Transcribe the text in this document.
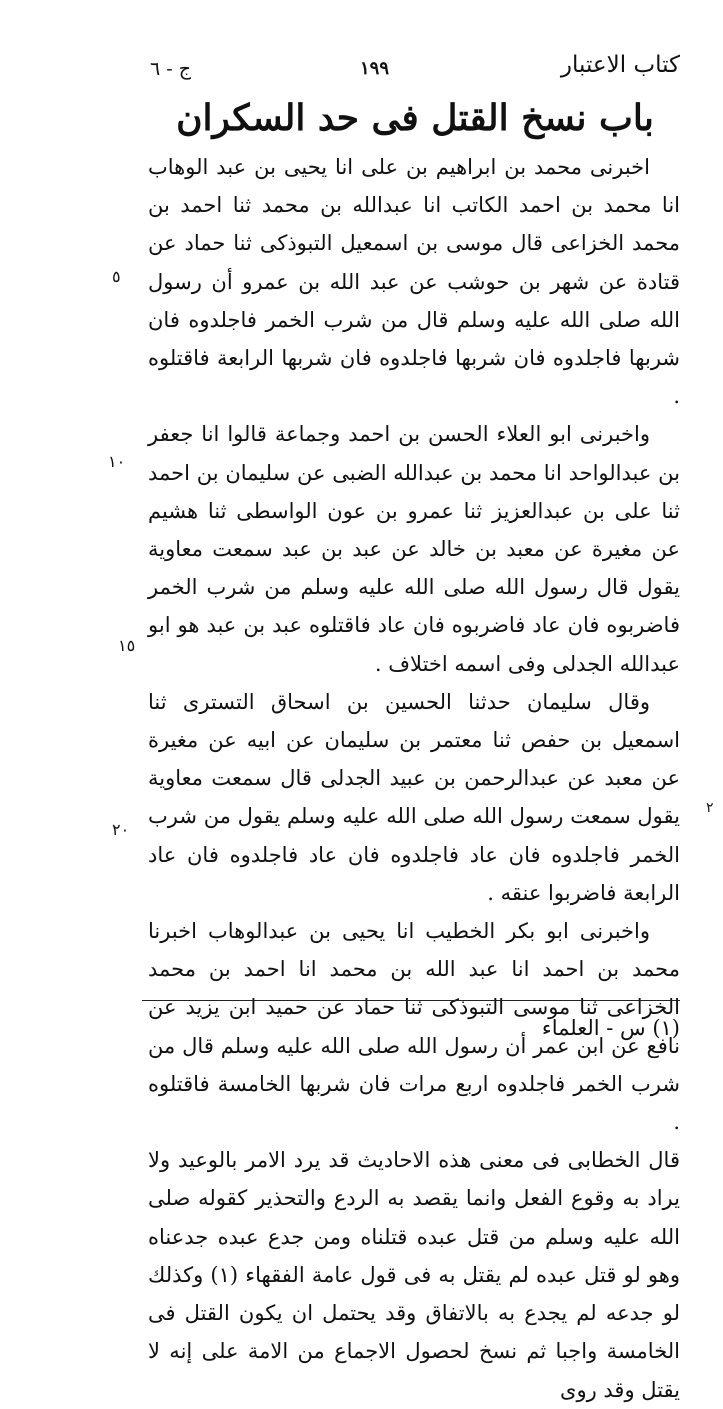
كتاب الاعتبار
١٩٩
ج - ٦
باب نسخ القتل فى حد السكران

اخبرنى محمد بن ابراهيم بن على انا يحيى بن عبد الوهاب انا محمد بن احمد الكاتب انا عبدالله بن محمد ثنا احمد بن محمد الخزاعى قال موسى بن اسمعيل التبوذكى ثنا حماد عن قتادة عن شهر بن حوشب عن عبد الله بن عمرو أن رسول الله صلى الله عليه وسلم قال من شرب الخمر فاجلدوه فان شربها فاجلدوه فان شربها فاجلدوه فان شربها الرابعة فاقتلوه .

واخبرنى ابو العلاء الحسن بن احمد وجماعة قالوا انا جعفر بن عبدالواحد انا محمد بن عبدالله الضبى عن سليمان بن احمد ثنا على بن عبدالعزيز ثنا عمرو بن عون الواسطى ثنا هشيم عن مغيرة عن معبد بن خالد عن عبد بن عبد سمعت معاوية يقول قال رسول الله صلى الله عليه وسلم من شرب الخمر فاضربوه فان عاد فاضربوه فان عاد فاقتلوه عبد بن عبد هو ابو عبدالله الجدلى وفى اسمه اختلاف .

وقال سليمان حدثنا الحسين بن اسحاق التسترى ثنا اسمعيل بن حفص ثنا معتمر بن سليمان عن ابيه عن مغيرة عن معبد عن عبدالرحمن بن عبيد الجدلى قال سمعت معاوية يقول سمعت رسول الله صلى الله عليه وسلم يقول من شرب الخمر فاجلدوه فان عاد فاجلدوه فان عاد فاجلدوه فان عاد الرابعة فاضربوا عنقه .

واخبرنى ابو بكر الخطيب انا يحيى بن عبدالوهاب اخبرنا محمد بن احمد انا عبد الله بن محمد انا احمد بن محمد الخزاعى ثنا موسى التبوذكى ثنا حماد عن حميد ابن يزيد عن نافع عن ابن عمر أن رسول الله صلى الله عليه وسلم قال من شرب الخمر فاجلدوه اربع مرات فان شربها الخامسة فاقتلوه .

قال الخطابى فى معنى هذه الاحاديث قد يرد الامر بالوعيد ولا يراد به وقوع الفعل وانما يقصد به الردع والتحذير كقوله صلى الله عليه وسلم من قتل عبده قتلناه ومن جدع عبده جدعناه وهو لو قتل عبده لم يقتل به فى قول عامة الفقهاء (١) وكذلك لو جدعه لم يجدع به بالاتفاق وقد يحتمل ان يكون القتل فى الخامسة واجبا ثم نسخ لحصول الاجماع من الامة على إنه لا يقتل وقد روى

٥
١٠
١٥
٢٠
٢
(١) س - العلماء
